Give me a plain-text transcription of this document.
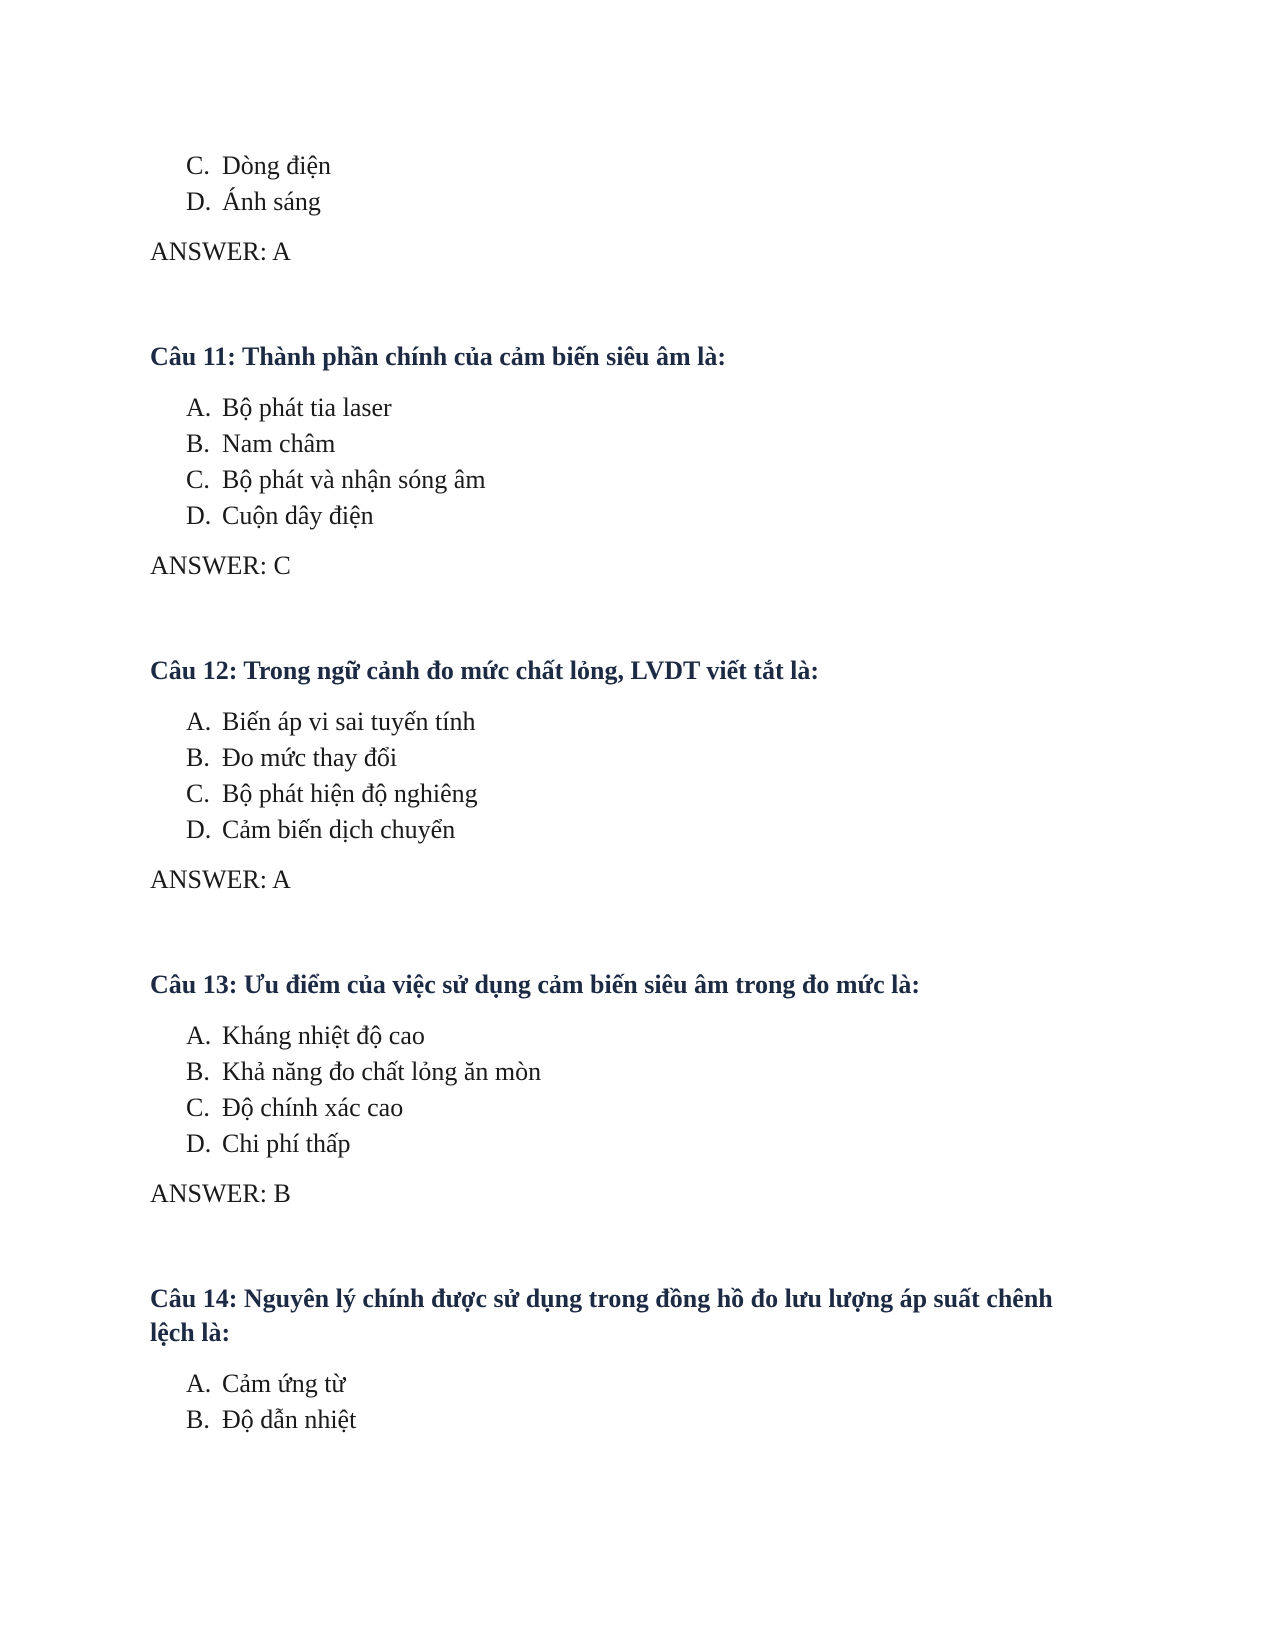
C. Dòng điện
D. Ánh sáng
ANSWER: A
Câu 11: Thành phần chính của cảm biến siêu âm là:
A. Bộ phát tia laser
B. Nam châm
C. Bộ phát và nhận sóng âm
D. Cuộn dây điện
ANSWER: C
Câu 12: Trong ngữ cảnh đo mức chất lỏng, LVDT viết tắt là:
A. Biến áp vi sai tuyến tính
B. Đo mức thay đổi
C. Bộ phát hiện độ nghiêng
D. Cảm biến dịch chuyển
ANSWER: A
Câu 13: Ưu điểm của việc sử dụng cảm biến siêu âm trong đo mức là:
A. Kháng nhiệt độ cao
B. Khả năng đo chất lỏng ăn mòn
C. Độ chính xác cao
D. Chi phí thấp
ANSWER: B
Câu 14: Nguyên lý chính được sử dụng trong đồng hồ đo lưu lượng áp suất chênh lệch là:
A. Cảm ứng từ
B. Độ dẫn nhiệt
